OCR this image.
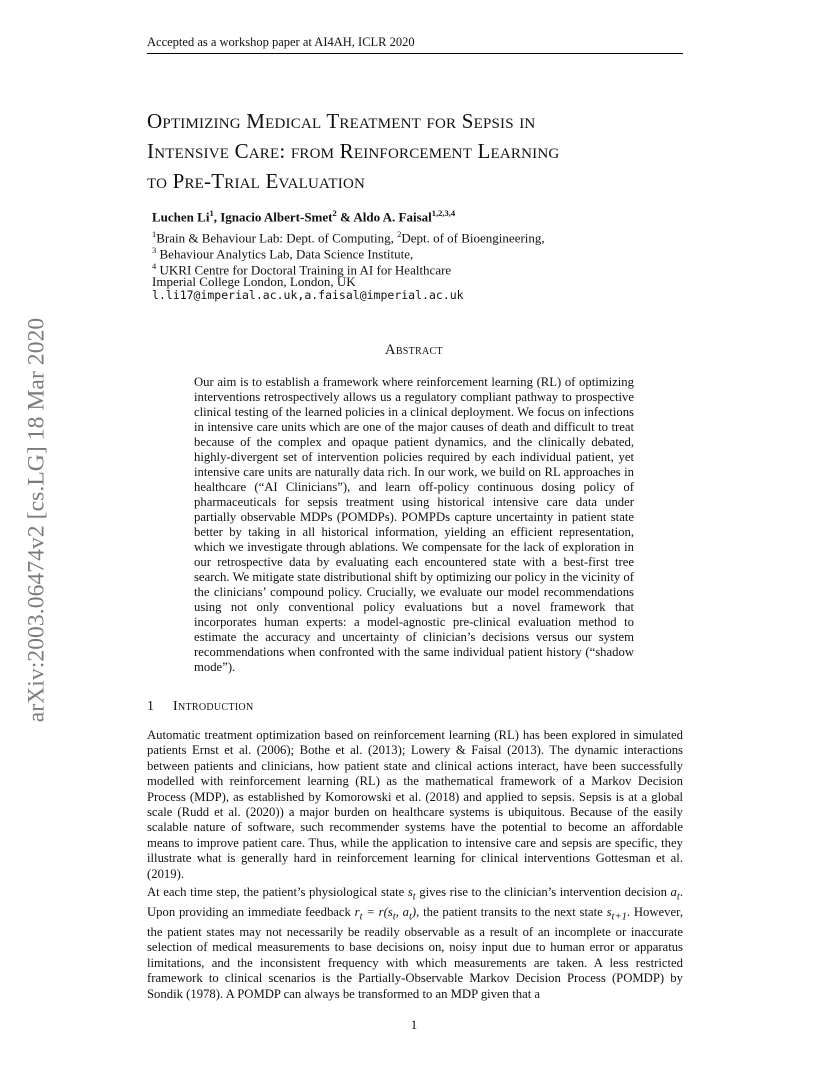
Accepted as a workshop paper at AI4AH, ICLR 2020
arXiv:2003.06474v2 [cs.LG] 18 Mar 2020
Optimizing Medical Treatment for Sepsis in
Intensive Care: from Reinforcement Learning
to Pre-Trial Evaluation
Luchen Li$^1$, Ignacio Albert-Smet$^2$ & Aldo A. Faisal$^{1,2,3,4}$
$^1$Brain & Behaviour Lab: Dept. of Computing, $^2$Dept. of of Bioengineering,
$^3$ Behaviour Analytics Lab, Data Science Institute,
$^4$ UKRI Centre for Doctoral Training in AI for Healthcare
Imperial College London, London, UK
l.li17@imperial.ac.uk,a.faisal@imperial.ac.uk
Abstract
Our aim is to establish a framework where reinforcement learning (RL) of optimizing interventions retrospectively allows us a regulatory compliant pathway to prospective clinical testing of the learned policies in a clinical deployment. We focus on infections in intensive care units which are one of the major causes of death and difficult to treat because of the complex and opaque patient dynamics, and the clinically debated, highly-divergent set of intervention policies required by each individual patient, yet intensive care units are naturally data rich. In our work, we build on RL approaches in healthcare (“AI Clinicians”), and learn off-policy continuous dosing policy of pharmaceuticals for sepsis treatment using historical intensive care data under partially observable MDPs (POMDPs). POMPDs capture uncertainty in patient state better by taking in all historical information, yielding an efficient representation, which we investigate through ablations. We compensate for the lack of exploration in our retrospective data by evaluating each encountered state with a best-first tree search. We mitigate state distributional shift by optimizing our policy in the vicinity of the clinicians’ compound policy. Crucially, we evaluate our model recommendations using not only conventional policy evaluations but a novel framework that incorporates human experts: a model-agnostic pre-clinical evaluation method to estimate the accuracy and uncertainty of clinician’s decisions versus our system recommendations when confronted with the same individual patient history (“shadow mode”).
1 Introduction
Automatic treatment optimization based on reinforcement learning (RL) has been explored in simulated patients Ernst et al. (2006); Bothe et al. (2013); Lowery & Faisal (2013). The dynamic interactions between patients and clinicians, how patient state and clinical actions interact, have been successfully modelled with reinforcement learning (RL) as the mathematical framework of a Markov Decision Process (MDP), as established by Komorowski et al. (2018) and applied to sepsis. Sepsis is at a global scale (Rudd et al. (2020)) a major burden on healthcare systems is ubiquitous. Because of the easily scalable nature of software, such recommender systems have the potential to become an affordable means to improve patient care. Thus, while the application to intensive care and sepsis are specific, they illustrate what is generally hard in reinforcement learning for clinical interventions Gottesman et al. (2019).
At each time step, the patient’s physiological state $s_t$ gives rise to the clinician’s intervention decision $a_t$. Upon providing an immediate feedback $r_t = r(s_t$, $a_t$), the patient transits to the next state $s_{t+1}$. However, the patient states may not necessarily be readily observable as a result of an incomplete or inaccurate selection of medical measurements to base decisions on, noisy input due to human error or apparatus limitations, and the inconsistent frequency with which measurements are taken. A less restricted framework to clinical scenarios is the Partially-Observable Markov Decision Process (POMDP) by Sondik (1978). A POMDP can always be transformed to an MDP given that a
1
